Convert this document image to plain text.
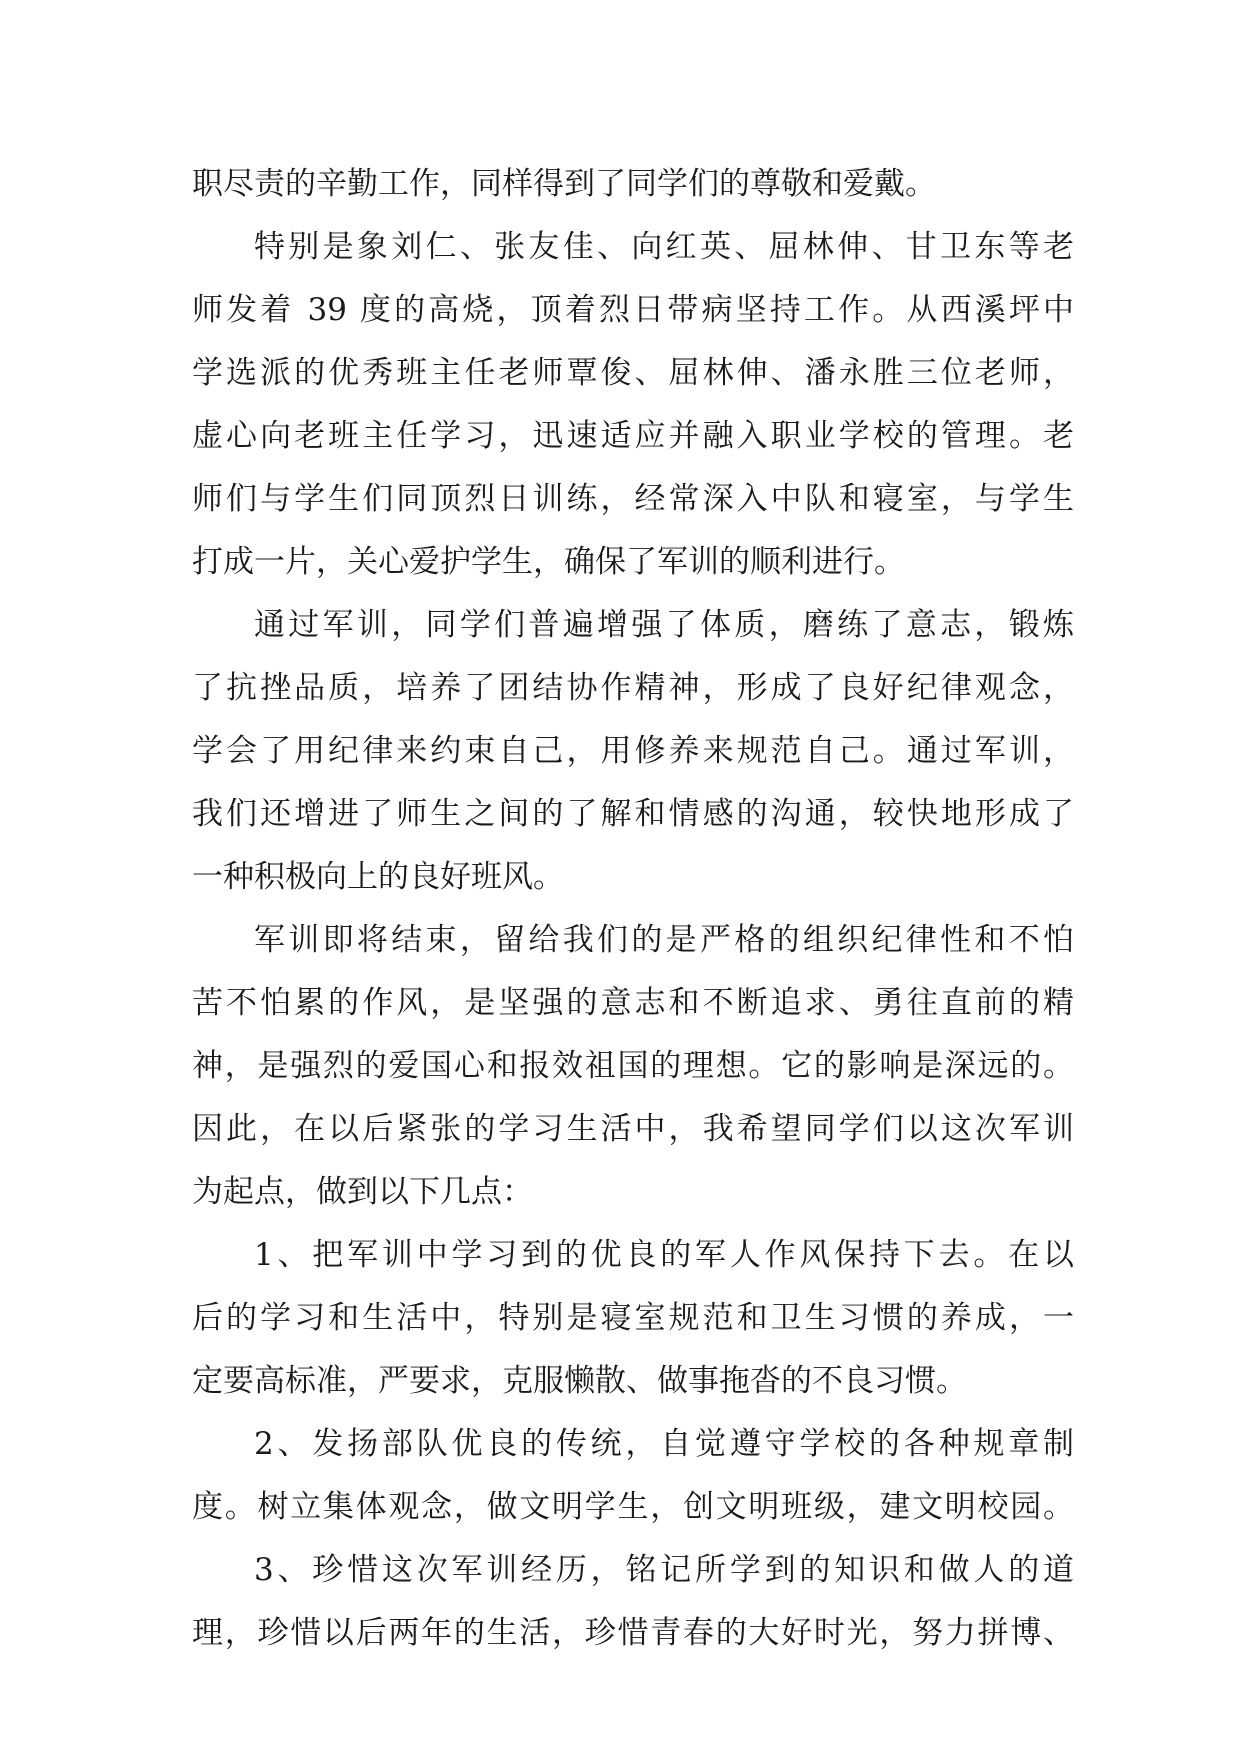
职尽责的辛勤工作，同样得到了同学们的尊敬和爱戴。
特别是象刘仁、张友佳、向红英、屈林伸、甘卫东等老
师发着 39 度的高烧，顶着烈日带病坚持工作。从西溪坪中
学选派的优秀班主任老师覃俊、屈林伸、潘永胜三位老师，
虚心向老班主任学习，迅速适应并融入职业学校的管理。老
师们与学生们同顶烈日训练，经常深入中队和寝室，与学生
打成一片，关心爱护学生，确保了军训的顺利进行。
通过军训，同学们普遍增强了体质，磨练了意志，锻炼
了抗挫品质，培养了团结协作精神，形成了良好纪律观念，
学会了用纪律来约束自己，用修养来规范自己。通过军训，
我们还增进了师生之间的了解和情感的沟通，较快地形成了
一种积极向上的良好班风。
军训即将结束，留给我们的是严格的组织纪律性和不怕
苦不怕累的作风，是坚强的意志和不断追求、勇往直前的精
神，是强烈的爱国心和报效祖国的理想。它的影响是深远的。
因此，在以后紧张的学习生活中，我希望同学们以这次军训
为起点，做到以下几点：
1、把军训中学习到的优良的军人作风保持下去。在以
后的学习和生活中，特别是寝室规范和卫生习惯的养成，一
定要高标准，严要求，克服懒散、做事拖沓的不良习惯。
2、发扬部队优良的传统，自觉遵守学校的各种规章制
度。树立集体观念，做文明学生，创文明班级，建文明校园。
3、珍惜这次军训经历，铭记所学到的知识和做人的道
理，珍惜以后两年的生活，珍惜青春的大好时光，努力拼博、
